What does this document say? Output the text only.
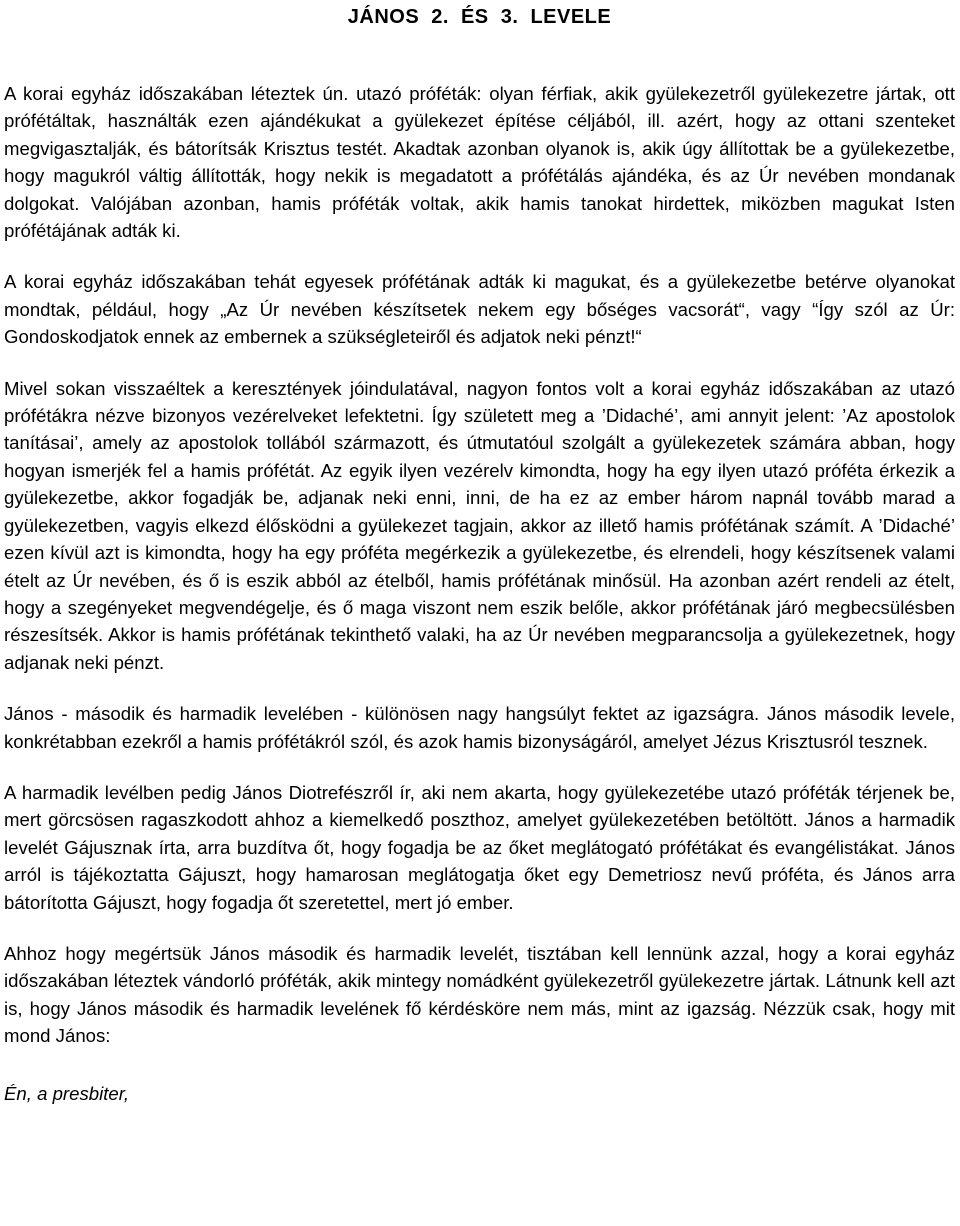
JÁNOS 2. ÉS 3. LEVELE

A korai egyház időszakában léteztek ún. utazó próféták: olyan férfiak, akik gyülekezetről gyülekezetre jártak, ott prófétáltak, használták ezen ajándékukat a gyülekezet építése céljából, ill. azért, hogy az ottani szenteket megvigasztalják, és bátorítsák Krisztus testét. Akadtak azonban olyanok is, akik úgy állítottak be a gyülekezetbe, hogy magukról váltig állították, hogy nekik is megadatott a prófétálás ajándéka, és az Úr nevében mondanak dolgokat. Valójában azonban, hamis próféták voltak, akik hamis tanokat hirdettek, miközben magukat Isten prófétájának adták ki.

A korai egyház időszakában tehát egyesek prófétának adták ki magukat, és a gyülekezetbe betérve olyanokat mondtak, például, hogy „Az Úr nevében készítsetek nekem egy bőséges vacsorát“, vagy “Így szól az Úr: Gondoskodjatok ennek az embernek a szükségleteiről és adjatok neki pénzt!“

Mivel sokan visszaéltek a keresztények jóindulatával, nagyon fontos volt a korai egyház időszakában az utazó prófétákra nézve bizonyos vezérelveket lefektetni. Így született meg a ’Didaché’, ami annyit jelent: ’Az apostolok tanításai’, amely az apostolok tollából származott, és útmutatóul szolgált a gyülekezetek számára abban, hogy hogyan ismerjék fel a hamis prófétát. Az egyik ilyen vezérelv kimondta, hogy ha egy ilyen utazó próféta érkezik a gyülekezetbe, akkor fogadják be, adjanak neki enni, inni, de ha ez az ember három napnál tovább marad a gyülekezetben, vagyis elkezd élősködni a gyülekezet tagjain, akkor az illető hamis prófétának számít. A ’Didaché’ ezen kívül azt is kimondta, hogy ha egy próféta megérkezik a gyülekezetbe, és elrendeli, hogy készítsenek valami ételt az Úr nevében, és ő is eszik abból az ételből, hamis prófétának minősül. Ha azonban azért rendeli az ételt, hogy a szegényeket megvendégelje, és ő maga viszont nem eszik belőle, akkor prófétának járó megbecsülésben részesítsék. Akkor is hamis prófétának tekinthető valaki, ha az Úr nevében megparancsolja a gyülekezetnek, hogy adjanak neki pénzt.

János - második és harmadik levelében - különösen nagy hangsúlyt fektet az igazságra. János második levele, konkrétabban ezekről a hamis prófétákról szól, és azok hamis bizonyságáról, amelyet Jézus Krisztusról tesznek.

A harmadik levélben pedig János Diotrefészről ír, aki nem akarta, hogy gyülekezetébe utazó próféták térjenek be, mert görcsösen ragaszkodott ahhoz a kiemelkedő poszthoz, amelyet gyülekezetében betöltött. János a harmadik levelét Gájusznak írta, arra buzdítva őt, hogy fogadja be az őket meglátogató prófétákat és evangélistákat. János arról is tájékoztatta Gájuszt, hogy hamarosan meglátogatja őket egy Demetriosz nevű próféta, és János arra bátorította Gájuszt, hogy fogadja őt szeretettel, mert jó ember.

Ahhoz hogy megértsük János második és harmadik levelét, tisztában kell lennünk azzal, hogy a korai egyház időszakában léteztek vándorló próféták, akik mintegy nomádként gyülekezetről gyülekezetre jártak. Látnunk kell azt is, hogy János második és harmadik levelének fő kérdésköre nem más, mint az igazság. Nézzük csak, hogy mit mond János:

Én, a presbiter,
